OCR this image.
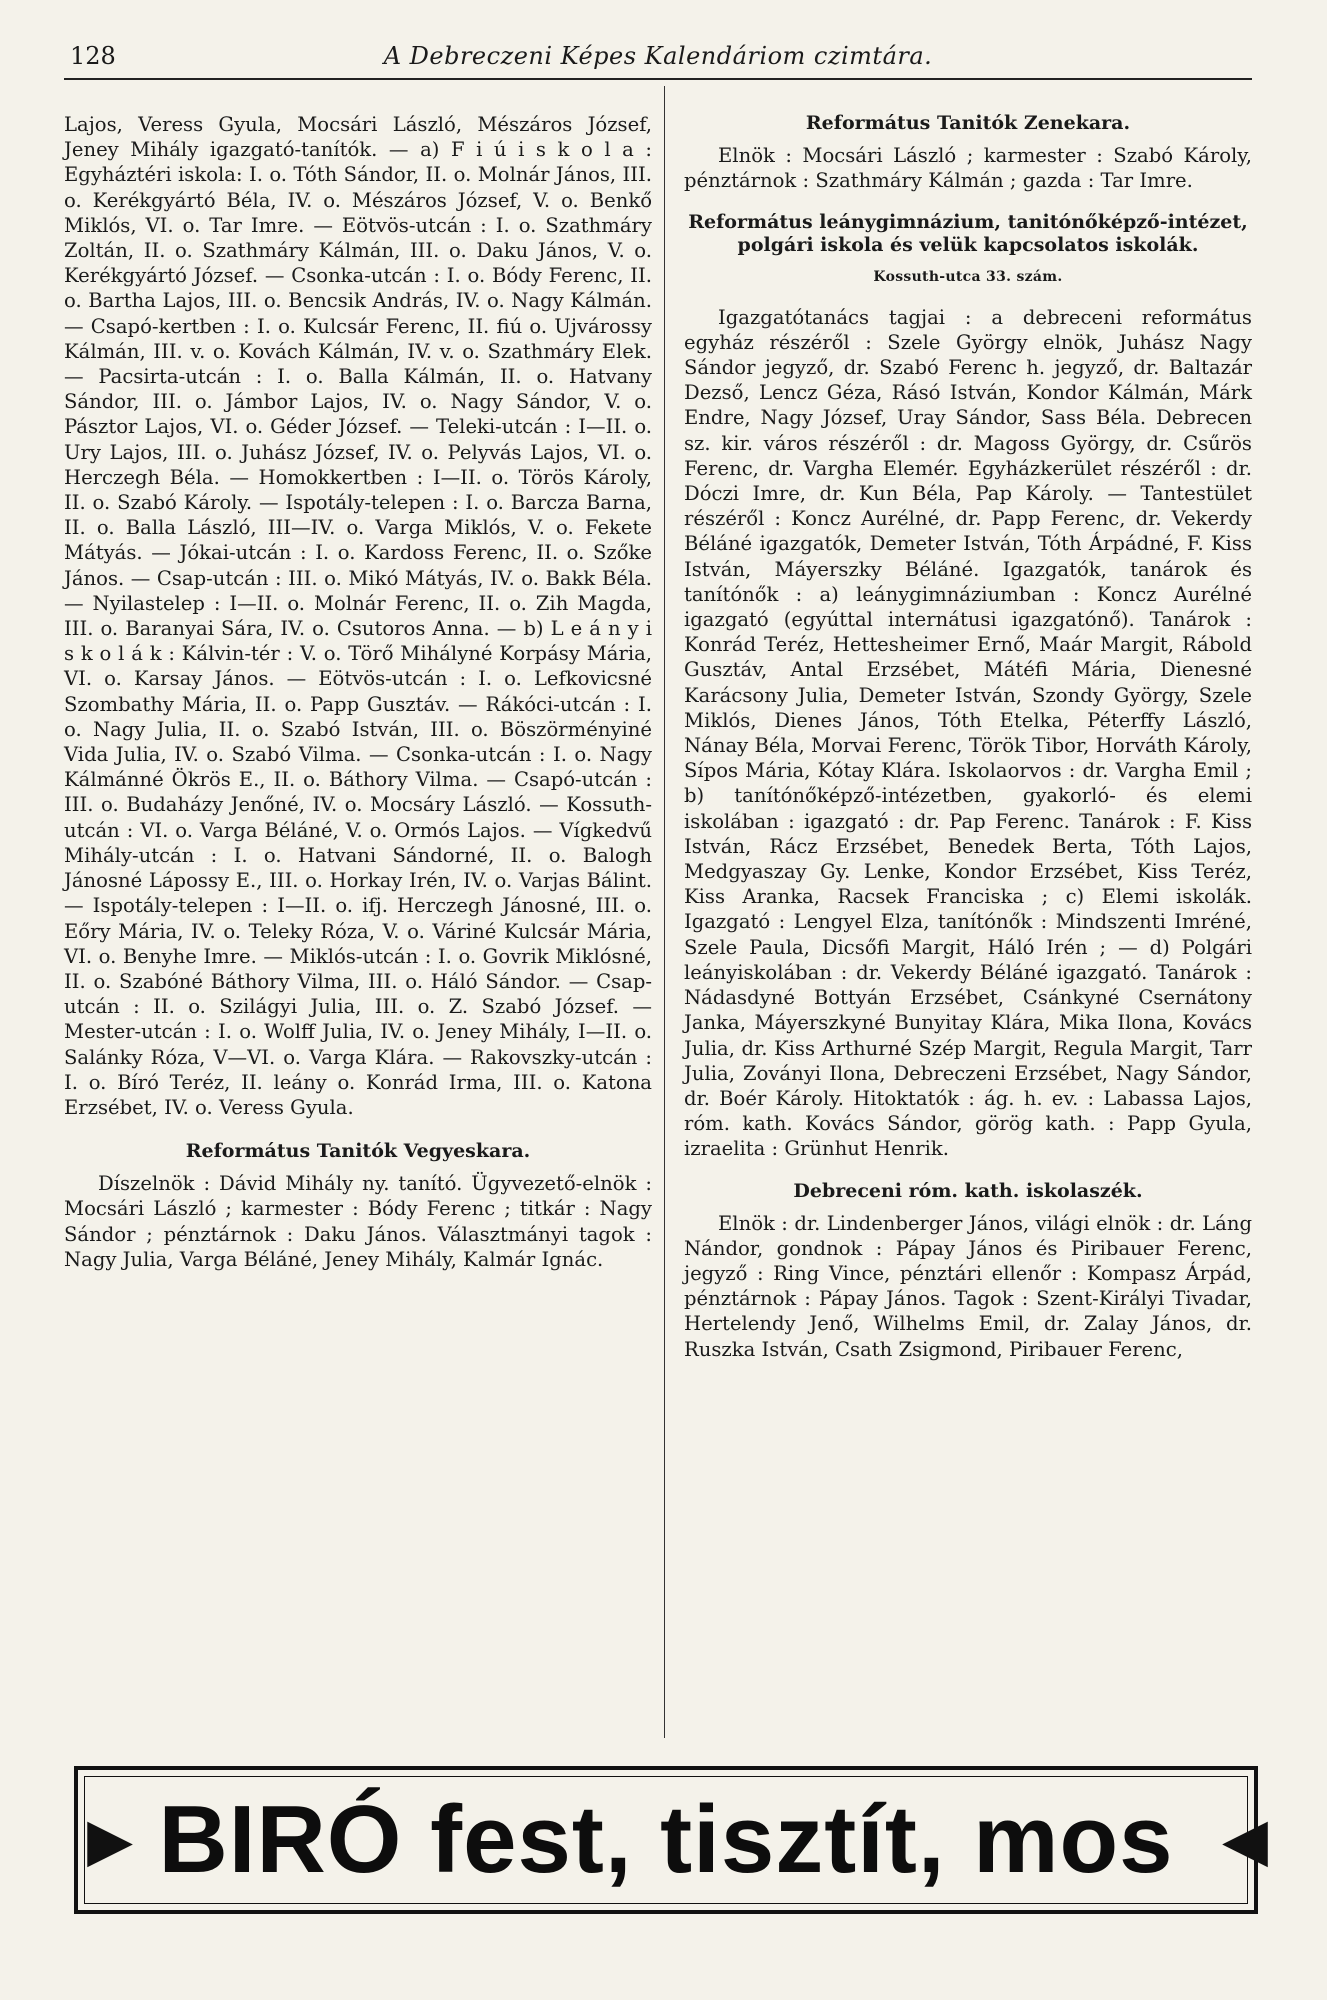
128	A Debreczeni Képes Kalendáriom czimtára.

Lajos, Veress Gyula, Mocsári László, Mészáros József, Jeney Mihály igazgató-tanítók. — a) F i ú i s k o l a : Egyháztéri iskola: I. o. Tóth Sándor, II. o. Molnár János, III. o. Kerékgyártó Béla, IV. o. Mészáros József, V. o. Benkő Miklós, VI. o. Tar Imre. — Eötvös-utcán : I. o. Szathmáry Zoltán, II. o. Szathmáry Kálmán, III. o. Daku János, V. o. Kerékgyártó József. — Csonka-utcán : I. o. Bódy Ferenc, II. o. Bartha Lajos, III. o. Bencsik András, IV. o. Nagy Kálmán. — Csapó-kertben : I. o. Kulcsár Ferenc, II. fiú o. Ujvárossy Kálmán, III. v. o. Kovách Kálmán, IV. v. o. Szathmáry Elek. — Pacsirta-utcán : I. o. Balla Kálmán, II. o. Hatvany Sándor, III. o. Jámbor Lajos, IV. o. Nagy Sándor, V. o. Pásztor Lajos, VI. o. Géder József. — Teleki-utcán : I—II. o. Ury Lajos, III. o. Juhász József, IV. o. Pelyvás Lajos, VI. o. Herczegh Béla. — Homokkertben : I—II. o. Törös Károly, II. o. Szabó Károly. — Ispotály-telepen : I. o. Barcza Barna, II. o. Balla László, III—IV. o. Varga Miklós, V. o. Fekete Mátyás. — Jókai-utcán : I. o. Kardoss Ferenc, II. o. Szőke János. — Csap-utcán : III. o. Mikó Mátyás, IV. o. Bakk Béla. — Nyilastelep : I—II. o. Molnár Ferenc, II. o. Zih Magda, III. o. Baranyai Sára, IV. o. Csutoros Anna. — b) L e á n y i s k o l á k : Kálvin-tér : V. o. Törő Mihályné Korpásy Mária, VI. o. Karsay János. — Eötvös-utcán : I. o. Lefkovicsné Szombathy Mária, II. o. Papp Gusztáv. — Rákóci-utcán : I. o. Nagy Julia, II. o. Szabó István, III. o. Böszörményiné Vida Julia, IV. o. Szabó Vilma. — Csonka-utcán : I. o. Nagy Kálmánné Ökrös E., II. o. Báthory Vilma. — Csapó-utcán : III. o. Budaházy Jenőné, IV. o. Mocsáry László. — Kossuth-utcán : VI. o. Varga Béláné, V. o. Ormós Lajos. — Vígkedvű Mihály-utcán : I. o. Hatvani Sándorné, II. o. Balogh Jánosné Lápossy E., III. o. Horkay Irén, IV. o. Varjas Bálint. — Ispotály-telepen : I—II. o. ifj. Herczegh Jánosné, III. o. Eőry Mária, IV. o. Teleky Róza, V. o. Váriné Kulcsár Mária, VI. o. Benyhe Imre. — Miklós-utcán : I. o. Govrik Miklósné, II. o. Szabóné Báthory Vilma, III. o. Háló Sándor. — Csap-utcán : II. o. Szilágyi Julia, III. o. Z. Szabó József. — Mester-utcán : I. o. Wolff Julia, IV. o. Jeney Mihály, I—II. o. Salánky Róza, V—VI. o. Varga Klára. — Rakovszky-utcán : I. o. Bíró Teréz, II. leány o. Konrád Irma, III. o. Katona Erzsébet, IV. o. Veress Gyula.

Református Tanitók Vegyeskara.

Díszelnök : Dávid Mihály ny. tanító. Ügyvezető-elnök : Mocsári László ; karmester : Bódy Ferenc ; titkár : Nagy Sándor ; pénztárnok : Daku János. Választmányi tagok : Nagy Julia, Varga Béláné, Jeney Mihály, Kalmár Ignác.

Református Tanitók Zenekara.

Elnök : Mocsári László ; karmester : Szabó Károly, pénztárnok : Szathmáry Kálmán ; gazda : Tar Imre.

Református leánygimnázium, tanitónőképző-intézet, polgári iskola és velük kapcsolatos iskolák.
Kossuth-utca 33. szám.

Igazgatótanács tagjai : a debreceni református egyház részéről : Szele György elnök, Juhász Nagy Sándor jegyző, dr. Szabó Ferenc h. jegyző, dr. Baltazár Dezső, Lencz Géza, Rásó István, Kondor Kálmán, Márk Endre, Nagy József, Uray Sándor, Sass Béla. Debrecen sz. kir. város részéről : dr. Magoss György, dr. Csűrös Ferenc, dr. Vargha Elemér. Egyházkerület részéről : dr. Dóczi Imre, dr. Kun Béla, Pap Károly. — Tantestület részéről : Koncz Aurélné, dr. Papp Ferenc, dr. Vekerdy Béláné igazgatók, Demeter István, Tóth Árpádné, F. Kiss István, Máyerszky Béláné. Igazgatók, tanárok és tanítónők : a) leánygimnáziumban : Koncz Aurélné igazgató (egyúttal internátusi igazgatónő). Tanárok : Konrád Teréz, Hettesheimer Ernő, Maár Margit, Rábold Gusztáv, Antal Erzsébet, Mátéfi Mária, Dienesné Karácsony Julia, Demeter István, Szondy György, Szele Miklós, Dienes János, Tóth Etelka, Péterffy László, Nánay Béla, Morvai Ferenc, Török Tibor, Horváth Károly, Sípos Mária, Kótay Klára. Iskolaorvos : dr. Vargha Emil ; b) tanítónőképző-intézetben, gyakorló- és elemi iskolában : igazgató : dr. Pap Ferenc. Tanárok : F. Kiss István, Rácz Erzsébet, Benedek Berta, Tóth Lajos, Medgyaszay Gy. Lenke, Kondor Erzsébet, Kiss Teréz, Kiss Aranka, Racsek Franciska ; c) Elemi iskolák. Igazgató : Lengyel Elza, tanítónők : Mindszenti Imréné, Szele Paula, Dicsőfi Margit, Háló Irén ; — d) Polgári leányiskolában : dr. Vekerdy Béláné igazgató. Tanárok : Nádasdyné Bottyán Erzsébet, Csánkyné Csernátony Janka, Máyerszkyné Bunyitay Klára, Mika Ilona, Kovács Julia, dr. Kiss Arthurné Szép Margit, Regula Margit, Tarr Julia, Zoványi Ilona, Debreczeni Erzsébet, Nagy Sándor, dr. Boér Károly. Hitoktatók : ág. h. ev. : Labassa Lajos, róm. kath. Kovács Sándor, görög kath. : Papp Gyula, izraelita : Grünhut Henrik.

Debreceni róm. kath. iskolaszék.

Elnök : dr. Lindenberger János, világi elnök : dr. Láng Nándor, gondnok : Pápay János és Piribauer Ferenc, jegyző : Ring Vince, pénztári ellenőr : Kompasz Árpád, pénztárnok : Pápay János. Tagok : Szent-Királyi Tivadar, Hertelendy Jenő, Wilhelms Emil, dr. Zalay János, dr. Ruszka István, Csath Zsigmond, Piribauer Ferenc,

▶ BIRÓ fest, tisztít, mos ◀
